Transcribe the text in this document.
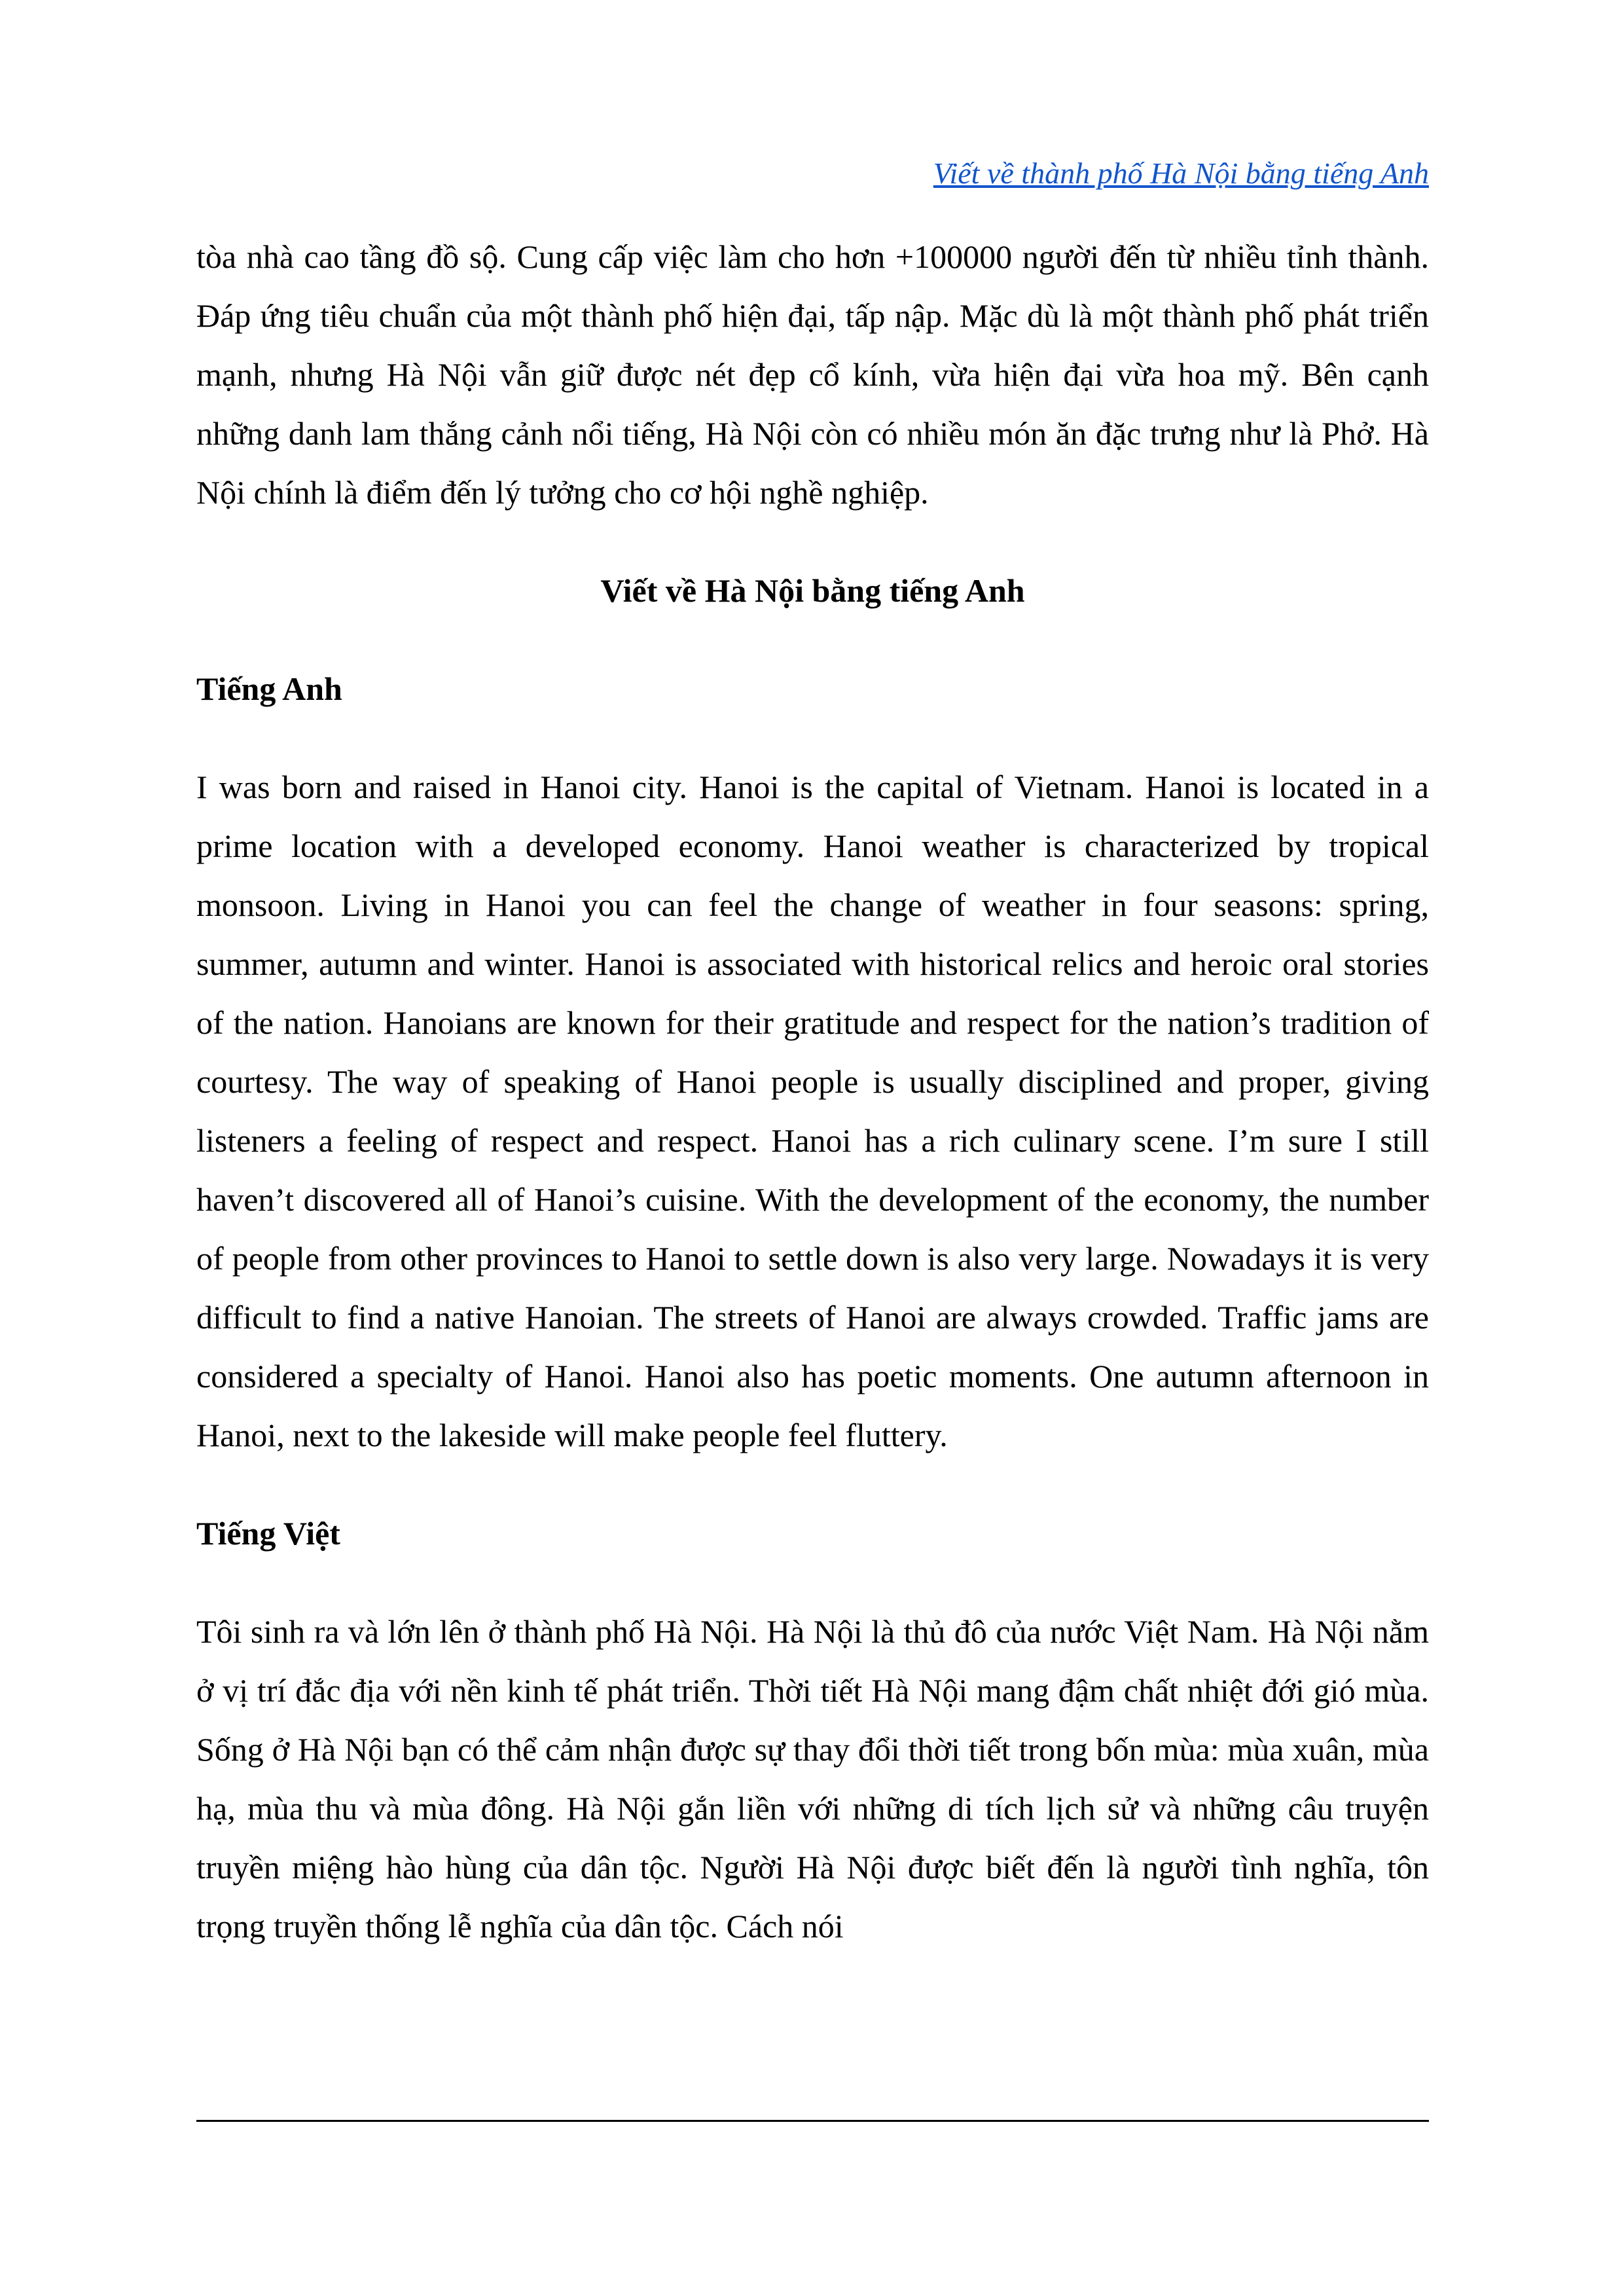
Viết về thành phố Hà Nội bằng tiếng Anh

tòa nhà cao tầng đồ sộ. Cung cấp việc làm cho hơn +100000 người đến từ nhiều tỉnh thành. Đáp ứng tiêu chuẩn của một thành phố hiện đại, tấp nập. Mặc dù là một thành phố phát triển mạnh, nhưng Hà Nội vẫn giữ được nét đẹp cổ kính, vừa hiện đại vừa hoa mỹ. Bên cạnh những danh lam thắng cảnh nổi tiếng, Hà Nội còn có nhiều món ăn đặc trưng như là Phở. Hà Nội chính là điểm đến lý tưởng cho cơ hội nghề nghiệp.

Viết về Hà Nội bằng tiếng Anh
Tiếng Anh

I was born and raised in Hanoi city. Hanoi is the capital of Vietnam. Hanoi is located in a prime location with a developed economy. Hanoi weather is characterized by tropical monsoon. Living in Hanoi you can feel the change of weather in four seasons: spring, summer, autumn and winter. Hanoi is associated with historical relics and heroic oral stories of the nation. Hanoians are known for their gratitude and respect for the nation’s tradition of courtesy. The way of speaking of Hanoi people is usually disciplined and proper, giving listeners a feeling of respect and respect. Hanoi has a rich culinary scene. I’m sure I still haven’t discovered all of Hanoi’s cuisine. With the development of the economy, the number of people from other provinces to Hanoi to settle down is also very large. Nowadays it is very difficult to find a native Hanoian. The streets of Hanoi are always crowded. Traffic jams are considered a specialty of Hanoi. Hanoi also has poetic moments. One autumn afternoon in Hanoi, next to the lakeside will make people feel fluttery.

Tiếng Việt

Tôi sinh ra và lớn lên ở thành phố Hà Nội. Hà Nội là thủ đô của nước Việt Nam. Hà Nội nằm ở vị trí đắc địa với nền kinh tế phát triển. Thời tiết Hà Nội mang đậm chất nhiệt đới gió mùa. Sống ở Hà Nội bạn có thể cảm nhận được sự thay đổi thời tiết trong bốn mùa: mùa xuân, mùa hạ, mùa thu và mùa đông. Hà Nội gắn liền với những di tích lịch sử và những câu truyện truyền miệng hào hùng của dân tộc. Người Hà Nội được biết đến là người tình nghĩa, tôn trọng truyền thống lễ nghĩa của dân tộc. Cách nói
